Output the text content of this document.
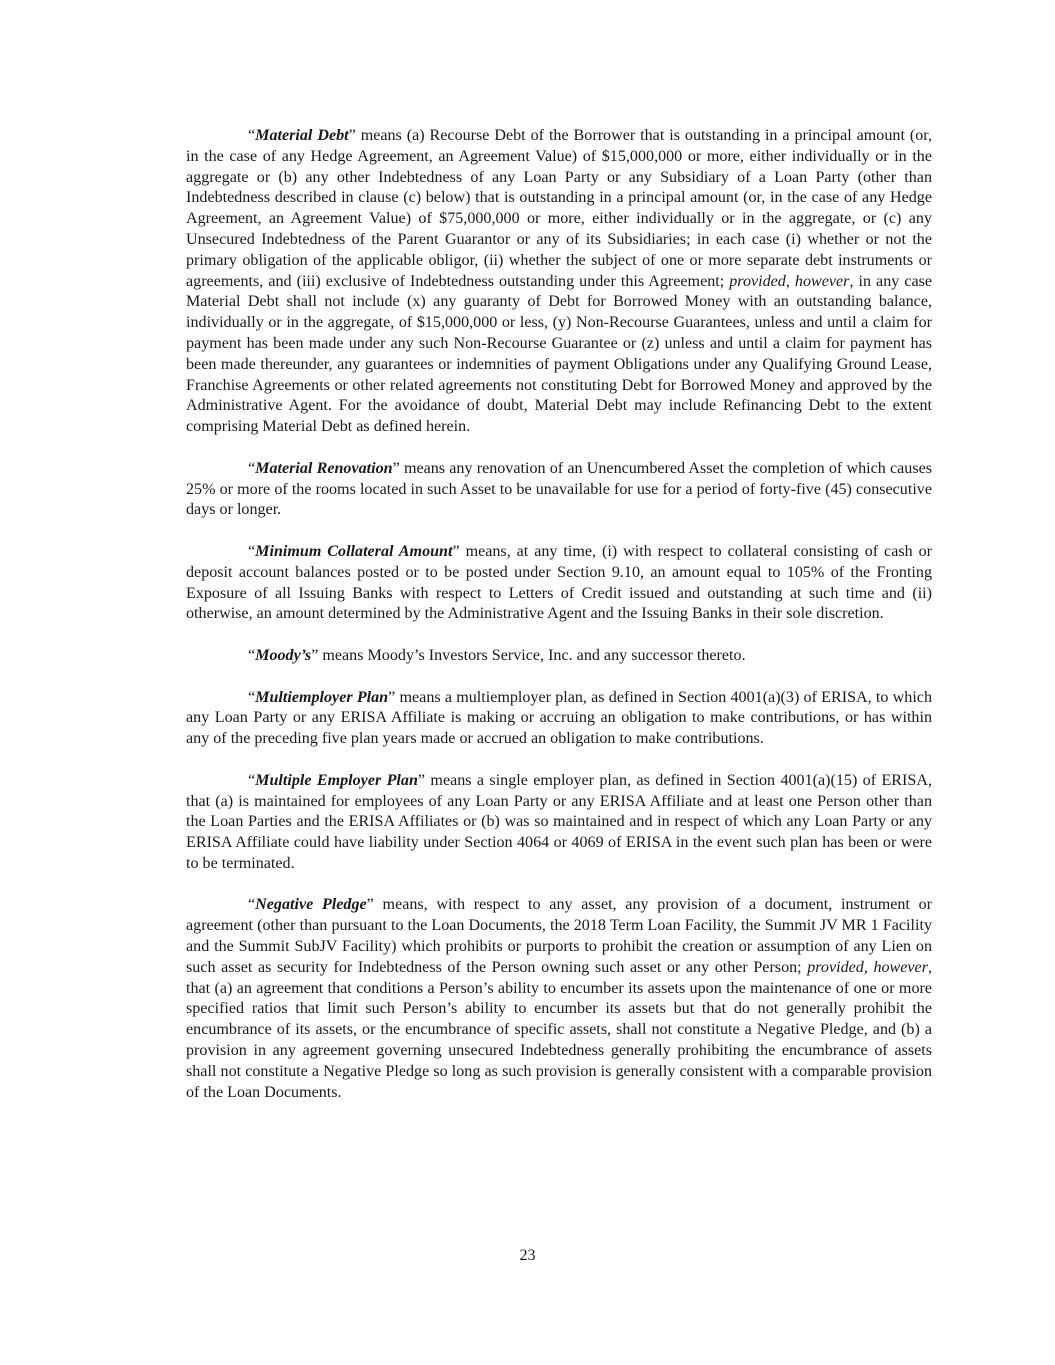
“Material Debt” means (a) Recourse Debt of the Borrower that is outstanding in a principal amount (or, in the case of any Hedge Agreement, an Agreement Value) of $15,000,000 or more, either individually or in the aggregate or (b) any other Indebtedness of any Loan Party or any Subsidiary of a Loan Party (other than Indebtedness described in clause (c) below) that is outstanding in a principal amount (or, in the case of any Hedge Agreement, an Agreement Value) of $75,000,000 or more, either individually or in the aggregate, or (c) any Unsecured Indebtedness of the Parent Guarantor or any of its Subsidiaries; in each case (i) whether or not the primary obligation of the applicable obligor, (ii) whether the subject of one or more separate debt instruments or agreements, and (iii) exclusive of Indebtedness outstanding under this Agreement; provided, however, in any case Material Debt shall not include (x) any guaranty of Debt for Borrowed Money with an outstanding balance, individually or in the aggregate, of $15,000,000 or less, (y) Non-Recourse Guarantees, unless and until a claim for payment has been made under any such Non-Recourse Guarantee or (z) unless and until a claim for payment has been made thereunder, any guarantees or indemnities of payment Obligations under any Qualifying Ground Lease, Franchise Agreements or other related agreements not constituting Debt for Borrowed Money and approved by the Administrative Agent. For the avoidance of doubt, Material Debt may include Refinancing Debt to the extent comprising Material Debt as defined herein.

“Material Renovation” means any renovation of an Unencumbered Asset the completion of which causes 25% or more of the rooms located in such Asset to be unavailable for use for a period of forty-five (45) consecutive days or longer.

“Minimum Collateral Amount” means, at any time, (i) with respect to collateral consisting of cash or deposit account balances posted or to be posted under Section 9.10, an amount equal to 105% of the Fronting Exposure of all Issuing Banks with respect to Letters of Credit issued and outstanding at such time and (ii) otherwise, an amount determined by the Administrative Agent and the Issuing Banks in their sole discretion.

“Moody’s” means Moody’s Investors Service, Inc. and any successor thereto.

“Multiemployer Plan” means a multiemployer plan, as defined in Section 4001(a)(3) of ERISA, to which any Loan Party or any ERISA Affiliate is making or accruing an obligation to make contributions, or has within any of the preceding five plan years made or accrued an obligation to make contributions.

“Multiple Employer Plan” means a single employer plan, as defined in Section 4001(a)(15) of ERISA, that (a) is maintained for employees of any Loan Party or any ERISA Affiliate and at least one Person other than the Loan Parties and the ERISA Affiliates or (b) was so maintained and in respect of which any Loan Party or any ERISA Affiliate could have liability under Section 4064 or 4069 of ERISA in the event such plan has been or were to be terminated.

“Negative Pledge” means, with respect to any asset, any provision of a document, instrument or agreement (other than pursuant to the Loan Documents, the 2018 Term Loan Facility, the Summit JV MR 1 Facility and the Summit SubJV Facility) which prohibits or purports to prohibit the creation or assumption of any Lien on such asset as security for Indebtedness of the Person owning such asset or any other Person; provided, however, that (a) an agreement that conditions a Person’s ability to encumber its assets upon the maintenance of one or more specified ratios that limit such Person’s ability to encumber its assets but that do not generally prohibit the encumbrance of its assets, or the encumbrance of specific assets, shall not constitute a Negative Pledge, and (b) a provision in any agreement governing unsecured Indebtedness generally prohibiting the encumbrance of assets shall not constitute a Negative Pledge so long as such provision is generally consistent with a comparable provision of the Loan Documents.

23
